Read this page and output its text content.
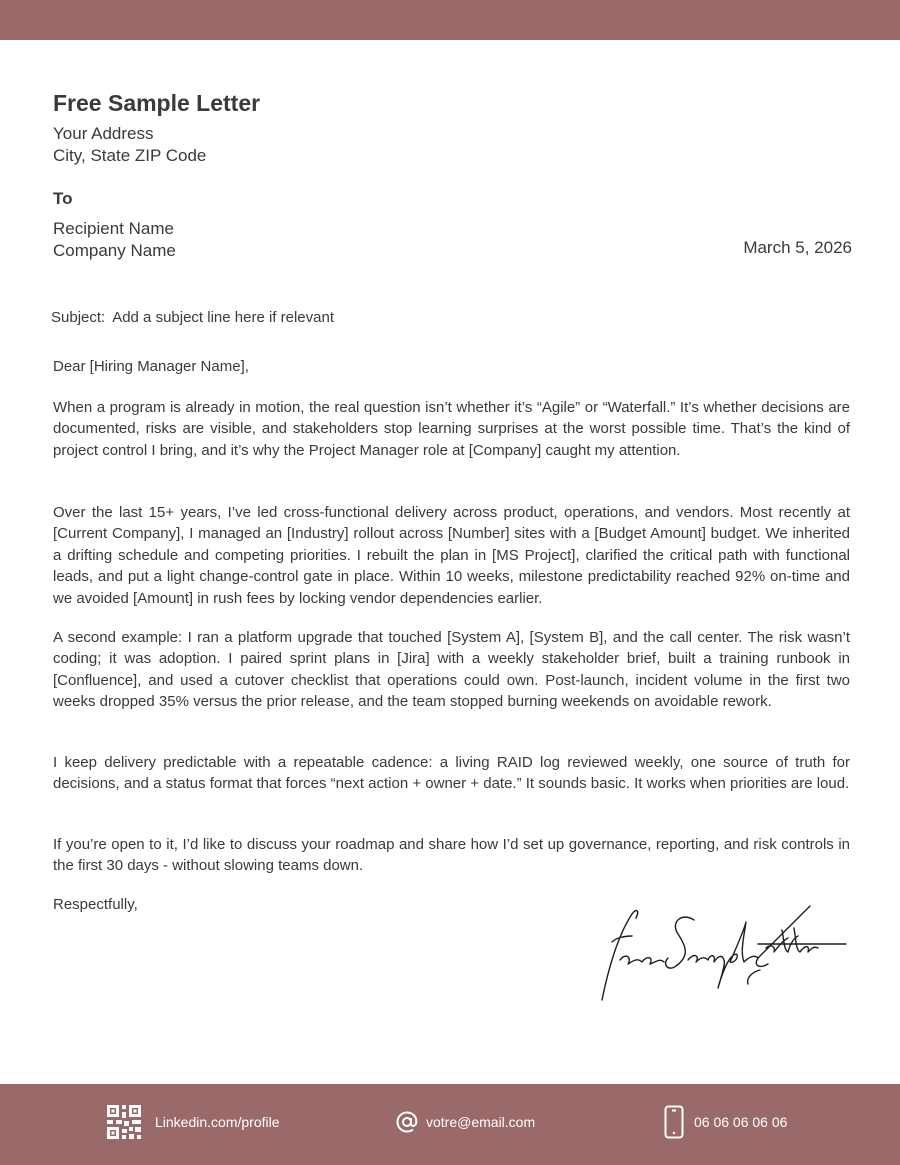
Free Sample Letter
Your Address
City, State ZIP Code
To
Recipient Name
Company Name	March 5, 2026
Subject: Add a subject line here if relevant
Dear [Hiring Manager Name],

When a program is already in motion, the real question isn’t whether it’s “Agile” or “Waterfall.” It’s whether decisions are documented, risks are visible, and stakeholders stop learning surprises at the worst possible time. That’s the kind of project control I bring, and it’s why the Project Manager role at [Company] caught my attention.

Over the last 15+ years, I’ve led cross-functional delivery across product, operations, and vendors. Most recently at [Current Company], I managed an [Industry] rollout across [Number] sites with a [Budget Amount] budget. We inherited a drifting schedule and competing priorities. I rebuilt the plan in [MS Project], clarified the critical path with functional leads, and put a light change-control gate in place. Within 10 weeks, milestone predictability reached 92% on-time and we avoided [Amount] in rush fees by locking vendor dependencies earlier.

A second example: I ran a platform upgrade that touched [System A], [System B], and the call center. The risk wasn’t coding; it was adoption. I paired sprint plans in [Jira] with a weekly stakeholder brief, built a training runbook in [Confluence], and used a cutover checklist that operations could own. Post-launch, incident volume in the first two weeks dropped 35% versus the prior release, and the team stopped burning weekends on avoidable rework.

I keep delivery predictable with a repeatable cadence: a living RAID log reviewed weekly, one source of truth for decisions, and a status format that forces “next action + owner + date.” It sounds basic. It works when priorities are loud.

If you’re open to it, I’d like to discuss your roadmap and share how I’d set up governance, reporting, and risk controls in the first 30 days - without slowing teams down.

Respectfully,
Linkedin.com/profile	votre@email.com	06 06 06 06 06
